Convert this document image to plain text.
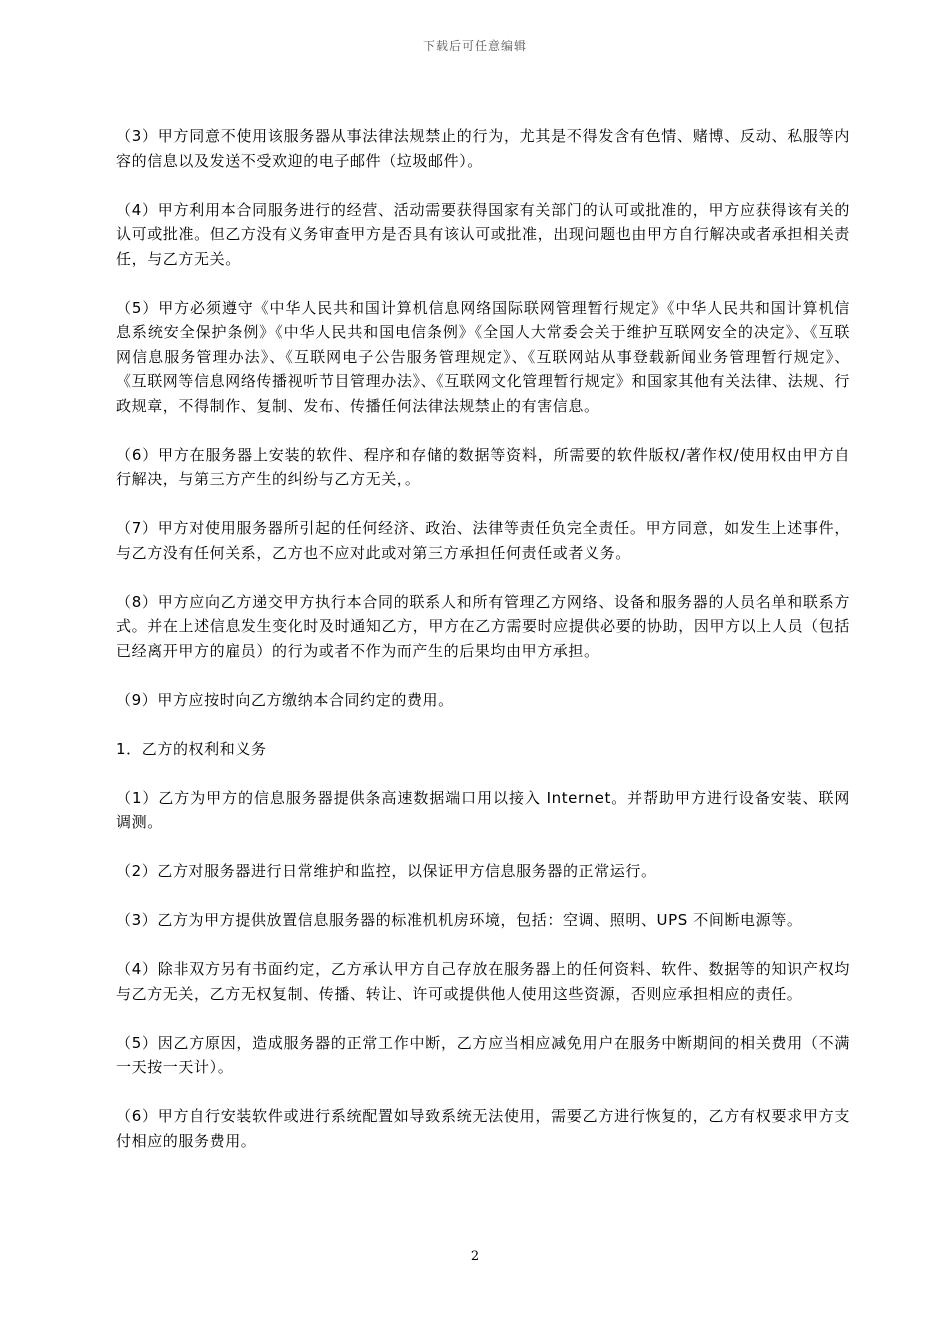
下载后可任意编辑

（3）甲方同意不使用该服务器从事法律法规禁止的行为，尤其是不得发含有色情、赌博、反动、私服等内容的信息以及发送不受欢迎的电子邮件（垃圾邮件）。

（4）甲方利用本合同服务进行的经营、活动需要获得国家有关部门的认可或批准的，甲方应获得该有关的认可或批准。但乙方没有义务审查甲方是否具有该认可或批准，出现问题也由甲方自行解决或者承担相关责任，与乙方无关。

（5）甲方必须遵守《中华人民共和国计算机信息网络国际联网管理暂行规定》《中华人民共和国计算机信息系统安全保护条例》《中华人民共和国电信条例》《全国人大常委会关于维护互联网安全的决定》、《互联网信息服务管理办法》、《互联网电子公告服务管理规定》、《互联网站从事登载新闻业务管理暂行规定》、《互联网等信息网络传播视听节目管理办法》、《互联网文化管理暂行规定》和国家其他有关法律、法规、行政规章，不得制作、复制、发布、传播任何法律法规禁止的有害信息。

（6）甲方在服务器上安装的软件、程序和存储的数据等资料，所需要的软件版权/著作权/使用权由甲方自行解决，与第三方产生的纠纷与乙方无关，。

（7）甲方对使用服务器所引起的任何经济、政治、法律等责任负完全责任。甲方同意，如发生上述事件，与乙方没有任何关系，乙方也不应对此或对第三方承担任何责任或者义务。

（8）甲方应向乙方递交甲方执行本合同的联系人和所有管理乙方网络、设备和服务器的人员名单和联系方式。并在上述信息发生变化时及时通知乙方，甲方在乙方需要时应提供必要的协助，因甲方以上人员（包括已经离开甲方的雇员）的行为或者不作为而产生的后果均由甲方承担。

（9）甲方应按时向乙方缴纳本合同约定的费用。

1．乙方的权利和义务

（1）乙方为甲方的信息服务器提供条高速数据端口用以接入 Internet。并帮助甲方进行设备安装、联网调测。

（2）乙方对服务器进行日常维护和监控，以保证甲方信息服务器的正常运行。

（3）乙方为甲方提供放置信息服务器的标准机机房环境，包括：空调、照明、UPS 不间断电源等。

（4）除非双方另有书面约定，乙方承认甲方自己存放在服务器上的任何资料、软件、数据等的知识产权均与乙方无关，乙方无权复制、传播、转让、许可或提供他人使用这些资源，否则应承担相应的责任。

（5）因乙方原因，造成服务器的正常工作中断，乙方应当相应减免用户在服务中断期间的相关费用（不满一天按一天计）。

（6）甲方自行安装软件或进行系统配置如导致系统无法使用，需要乙方进行恢复的，乙方有权要求甲方支付相应的服务费用。

2
